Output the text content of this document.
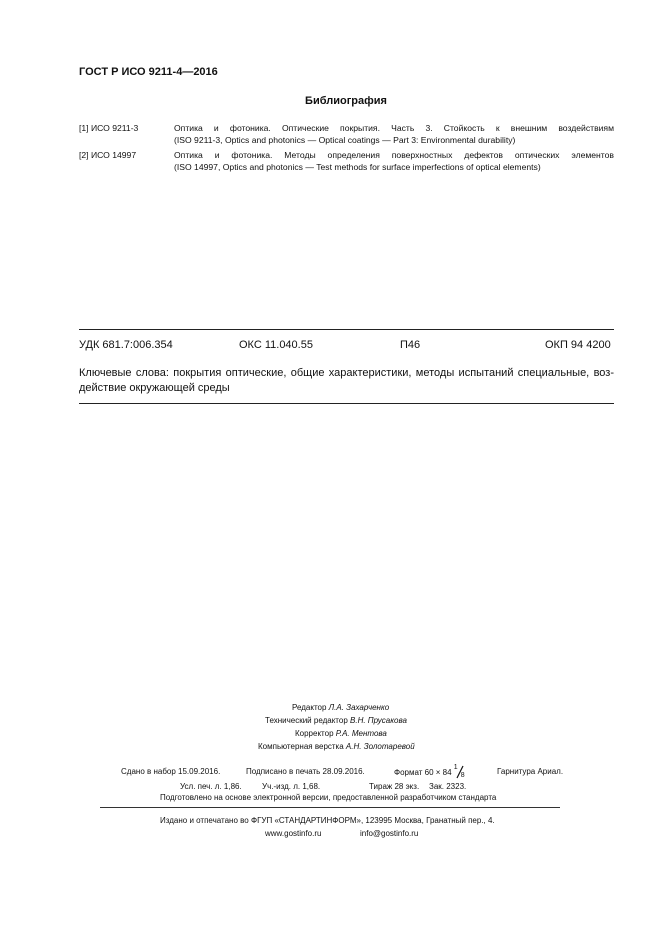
ГОСТ Р ИСО 9211-4—2016
Библиография
[1] ИСО 9211-3	Оптика и фотоника. Оптические покрытия. Часть 3. Стойкость к внешним воздействиям
(ISO 9211-3, Optics and photonics — Optical coatings — Part 3: Environmental durability)
[2] ИСО 14997	Оптика и фотоника. Методы определения поверхностных дефектов оптических элементов
(ISO 14997, Optics and photonics — Test methods for surface imperfections of optical elements)
УДК 681.7:006.354	ОКС 11.040.55	П46	ОКП 94 4200
Ключевые слова: покрытия оптические, общие характеристики, методы испытаний специальные, воз-
действие окружающей среды
Редактор Л.А. Захарченко
Технический редактор В.Н. Прусакова
Корректор Р.А. Ментова
Компьютерная верстка А.Н. Золотаревой
Сдано в набор 15.09.2016.	Подписано в печать 28.09.2016.	Формат 60 × 84
1
8	Гарнитура Ариал.
Усл. печ. л. 1,86.	Уч.-изд. л. 1,68.	Тираж 28 экз. Зак. 2323.
Подготовлено на основе электронной версии, предоставленной разработчиком стандарта
Издано и отпечатано во ФГУП «СТАНДАРТИНФОРМ», 123995 Москва, Гранатный пер., 4.
www.gostinfo.ru	info@gostinfo.ru
